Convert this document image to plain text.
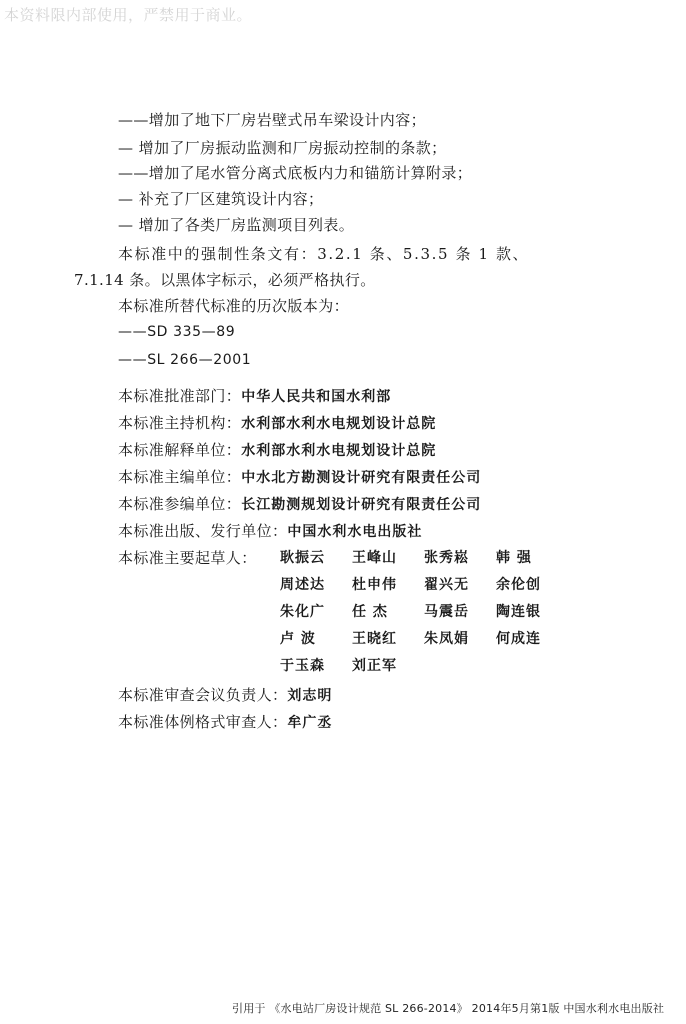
本资料限内部使用，严禁用于商业。
——增加了地下厂房岩壁式吊车梁设计内容；
— 增加了厂房振动监测和厂房振动控制的条款；
——增加了尾水管分离式底板内力和锚筋计算附录；
— 补充了厂区建筑设计内容；
— 增加了各类厂房监测项目列表。
本标准中的强制性条文有：3.2.1 条、5.3.5 条 1 款、
7.1.14 条。以黑体字标示，必须严格执行。
本标准所替代标准的历次版本为：
——SD 335—89
——SL 266—2001
本标准批准部门：中华人民共和国水利部
本标准主持机构：水利部水利水电规划设计总院
本标准解释单位：水利部水利水电规划设计总院
本标准主编单位：中水北方勘测设计研究有限责任公司
本标准参编单位：长江勘测规划设计研究有限责任公司
本标准出版、发行单位：中国水利水电出版社
本标准主要起草人： 耿振云 王峰山 张秀崧 韩 强
周述达 杜申伟 翟兴无 余伦创
朱化广 任 杰	马震岳 陶连银
卢 波	王晓红 朱凤娟 何成连
于玉森 刘正军
本标准审查会议负责人：刘志明
本标准体例格式审查人：牟广丞
引用于 《水电站厂房设计规范 SL 266-2014》 2014年5月第1版 中国水利水电出版社
